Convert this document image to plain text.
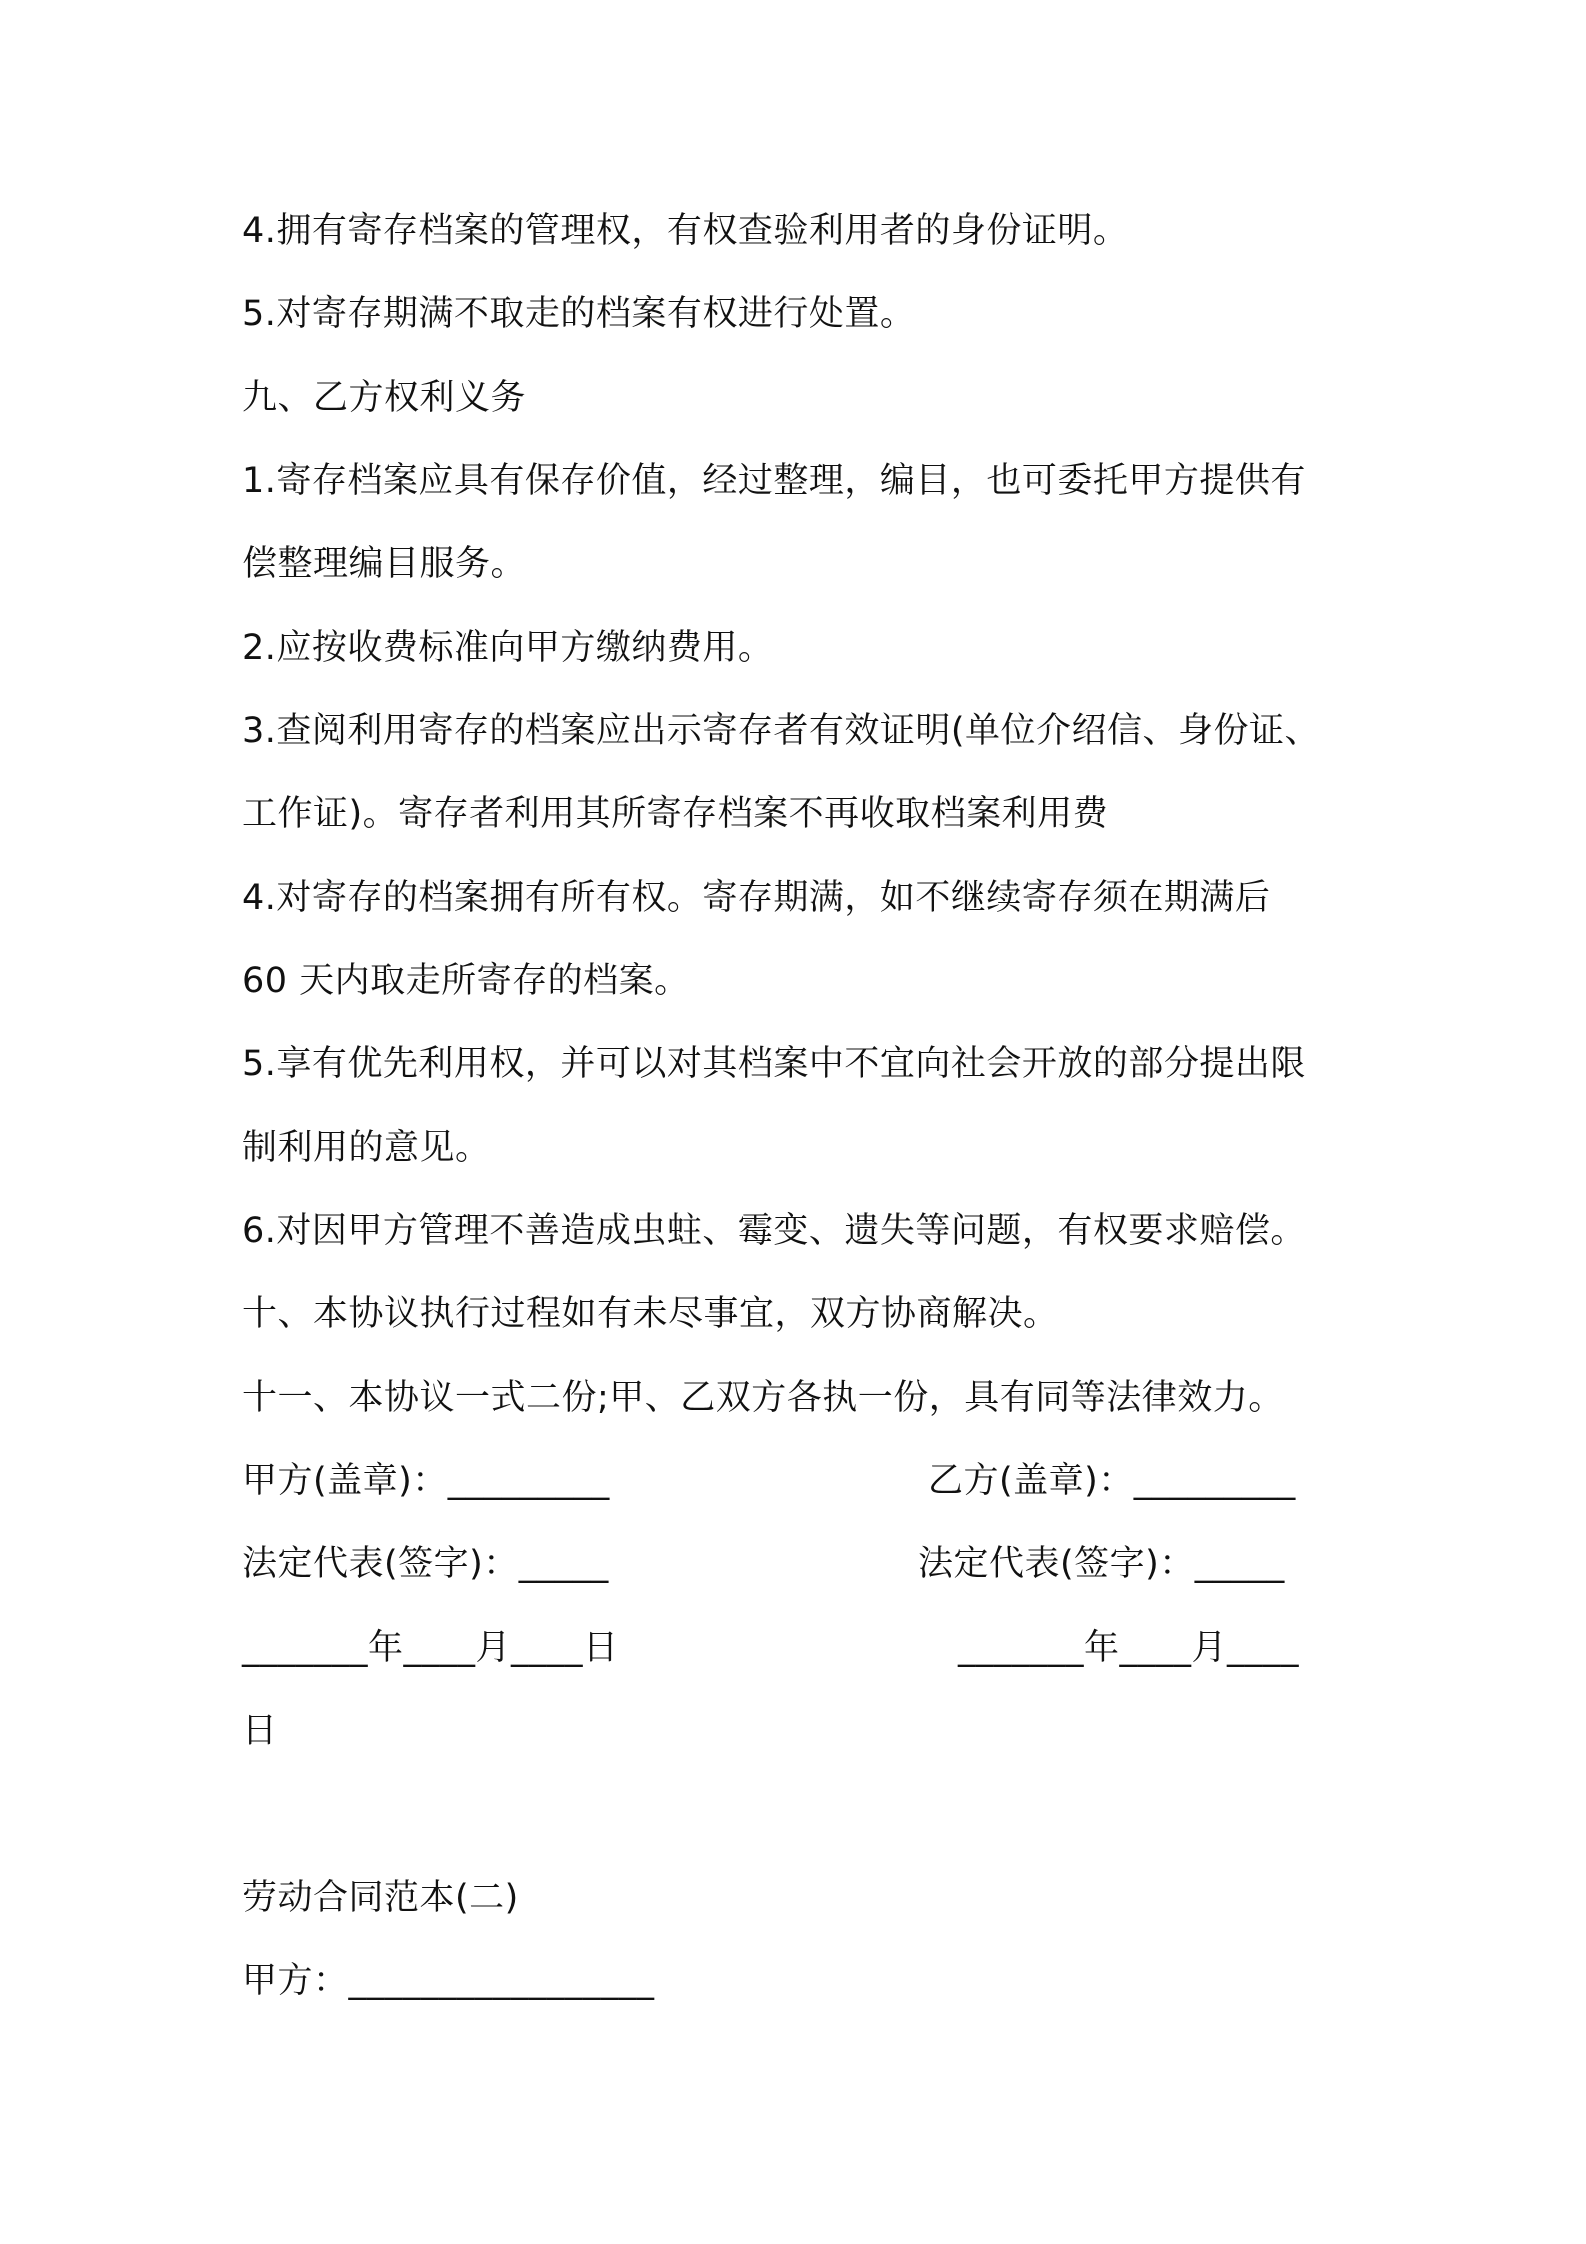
4.拥有寄存档案的管理权，有权查验利用者的身份证明。
5.对寄存期满不取走的档案有权进行处置。
九、乙方权利义务
1.寄存档案应具有保存价值，经过整理，编目，也可委托甲方提供有
偿整理编目服务。
2.应按收费标准向甲方缴纳费用。
3.查阅利用寄存的档案应出示寄存者有效证明(单位介绍信、身份证、
工作证)。寄存者利用其所寄存档案不再收取档案利用费
4.对寄存的档案拥有所有权。寄存期满，如不继续寄存须在期满后
60 天内取走所寄存的档案。
5.享有优先利用权，并可以对其档案中不宜向社会开放的部分提出限
制利用的意见。
6.对因甲方管理不善造成虫蛀、霉变、遗失等问题，有权要求赔偿。
十、本协议执行过程如有未尽事宜，双方协商解决。
十一、本协议一式二份;甲、乙双方各执一份，具有同等法律效力。
甲方(盖章)：_________	乙方(盖章)：_________
法定代表(签字)：_____	法定代表(签字)：_____
_______年____月____日	_______年____月____
日
劳动合同范本(二)
甲方：_________________
